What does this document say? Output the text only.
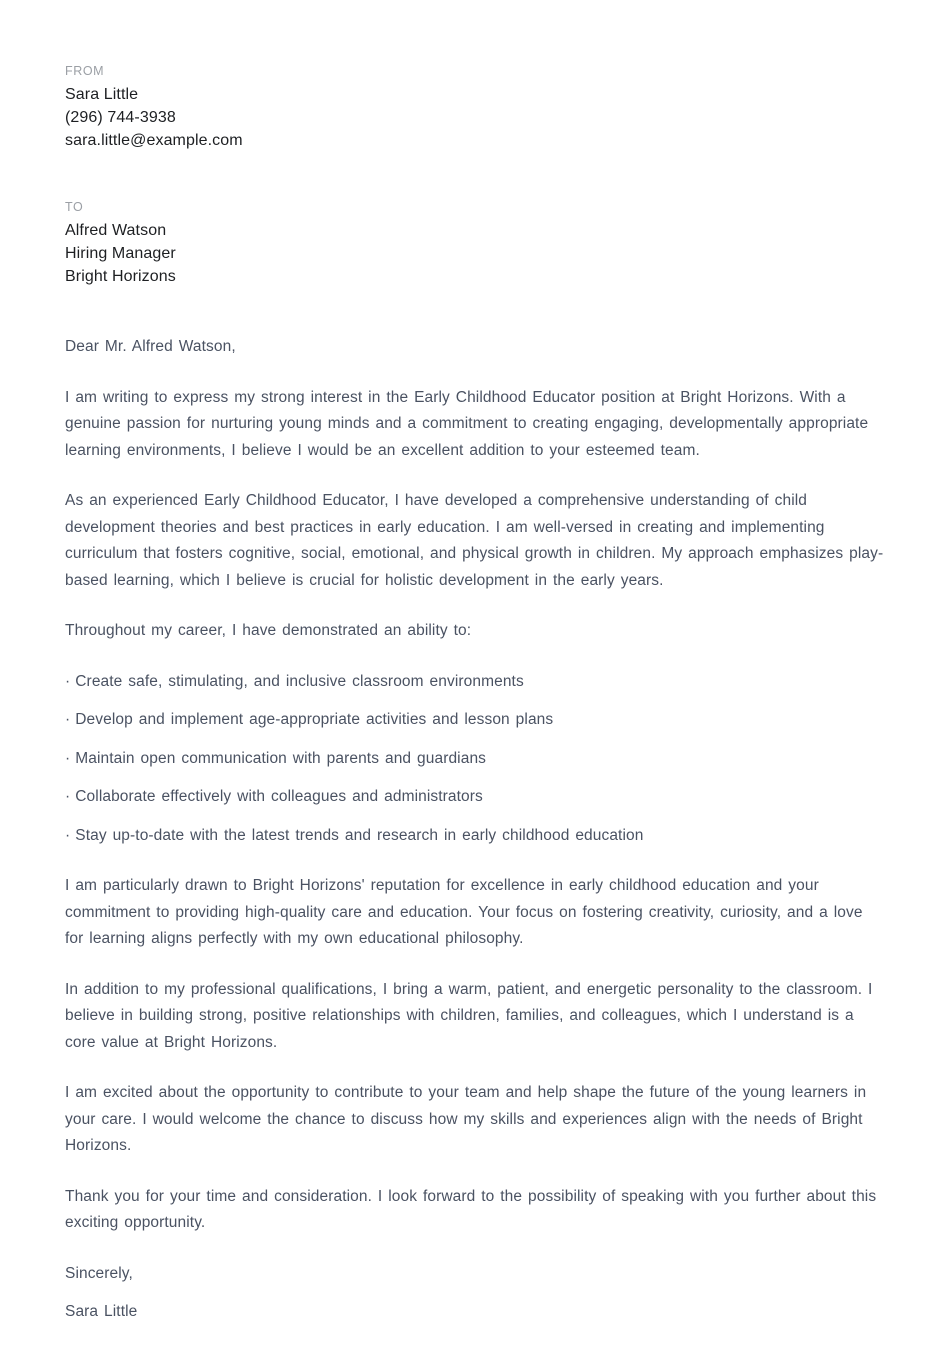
FROM
Sara Little
(296) 744-3938
sara.little@example.com
TO
Alfred Watson
Hiring Manager
Bright Horizons

Dear Mr. Alfred Watson,

I am writing to express my strong interest in the Early Childhood Educator position at Bright Horizons. With a genuine passion for nurturing young minds and a commitment to creating engaging, developmentally appropriate learning environments, I believe I would be an excellent addition to your esteemed team.

As an experienced Early Childhood Educator, I have developed a comprehensive understanding of child development theories and best practices in early education. I am well-versed in creating and implementing curriculum that fosters cognitive, social, emotional, and physical growth in children. My approach emphasizes play-based learning, which I believe is crucial for holistic development in the early years.

Throughout my career, I have demonstrated an ability to:

· Create safe, stimulating, and inclusive classroom environments

· Develop and implement age-appropriate activities and lesson plans

· Maintain open communication with parents and guardians

· Collaborate effectively with colleagues and administrators

· Stay up-to-date with the latest trends and research in early childhood education

I am particularly drawn to Bright Horizons' reputation for excellence in early childhood education and your commitment to providing high-quality care and education. Your focus on fostering creativity, curiosity, and a love for learning aligns perfectly with my own educational philosophy.

In addition to my professional qualifications, I bring a warm, patient, and energetic personality to the classroom. I believe in building strong, positive relationships with children, families, and colleagues, which I understand is a core value at Bright Horizons.

I am excited about the opportunity to contribute to your team and help shape the future of the young learners in your care. I would welcome the chance to discuss how my skills and experiences align with the needs of Bright Horizons.

Thank you for your time and consideration. I look forward to the possibility of speaking with you further about this exciting opportunity.

Sincerely,

Sara Little
